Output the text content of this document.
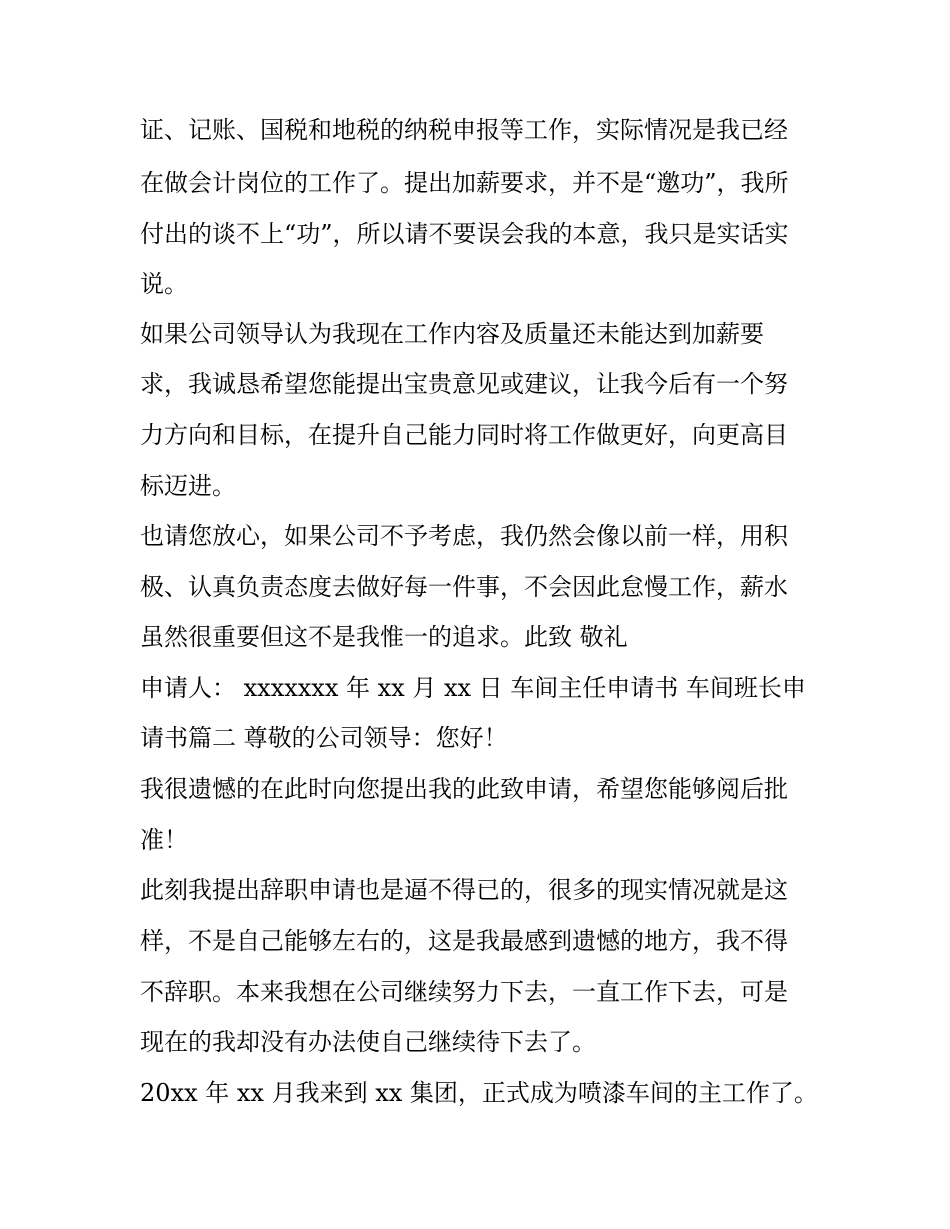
证、记账、国税和地税的纳税申报等工作，实际情况是我已经
在做会计岗位的工作了。提出加薪要求，并不是“邀功”，我所
付出的谈不上“功”，所以请不要误会我的本意，我只是实话实
说。
如果公司领导认为我现在工作内容及质量还未能达到加薪要
求，我诚恳希望您能提出宝贵意见或建议，让我今后有一个努
力方向和目标，在提升自己能力同时将工作做更好，向更高目
标迈进。
也请您放心，如果公司不予考虑，我仍然会像以前一样，用积
极、认真负责态度去做好每一件事，不会因此怠慢工作，薪水
虽然很重要但这不是我惟一的追求。此致 敬礼
申请人： xxxxxxx 年 xx 月 xx 日 车间主任申请书 车间班长申
请书篇二 尊敬的公司领导：您好！
我很遗憾的在此时向您提出我的此致申请，希望您能够阅后批
准！
此刻我提出辞职申请也是逼不得已的，很多的现实情况就是这
样，不是自己能够左右的，这是我最感到遗憾的地方，我不得
不辞职。本来我想在公司继续努力下去，一直工作下去，可是
现在的我却没有办法使自己继续待下去了。
20xx 年 xx 月我来到 xx 集团，正式成为喷漆车间的主工作了。
